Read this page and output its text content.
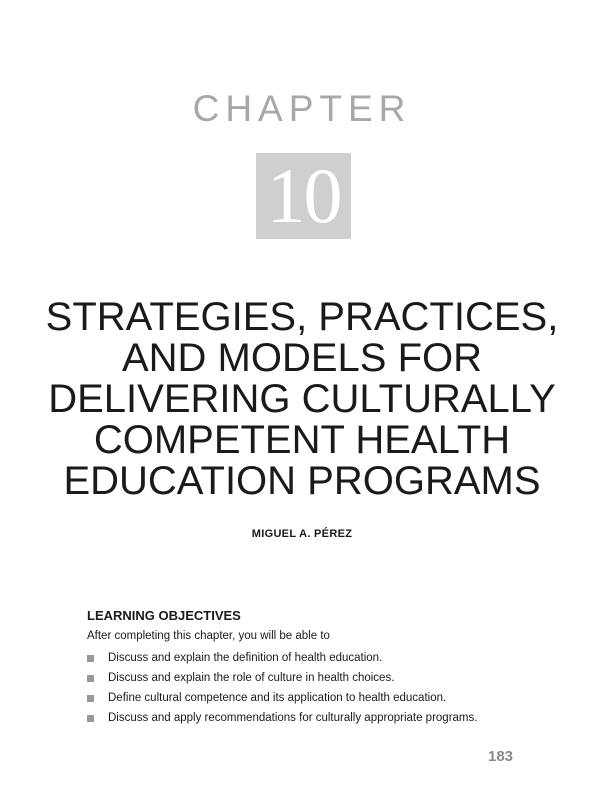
CHAPTER
10
STRATEGIES, PRACTICES,
AND MODELS FOR
DELIVERING CULTURALLY
COMPETENT HEALTH
EDUCATION PROGRAMS
MIGUEL A. PÉREZ
LEARNING OBJECTIVES
After completing this chapter, you will be able to
Discuss and explain the definition of health education.
Discuss and explain the role of culture in health choices.
Define cultural competence and its application to health education.
Discuss and apply recommendations for culturally appropriate programs.
183
